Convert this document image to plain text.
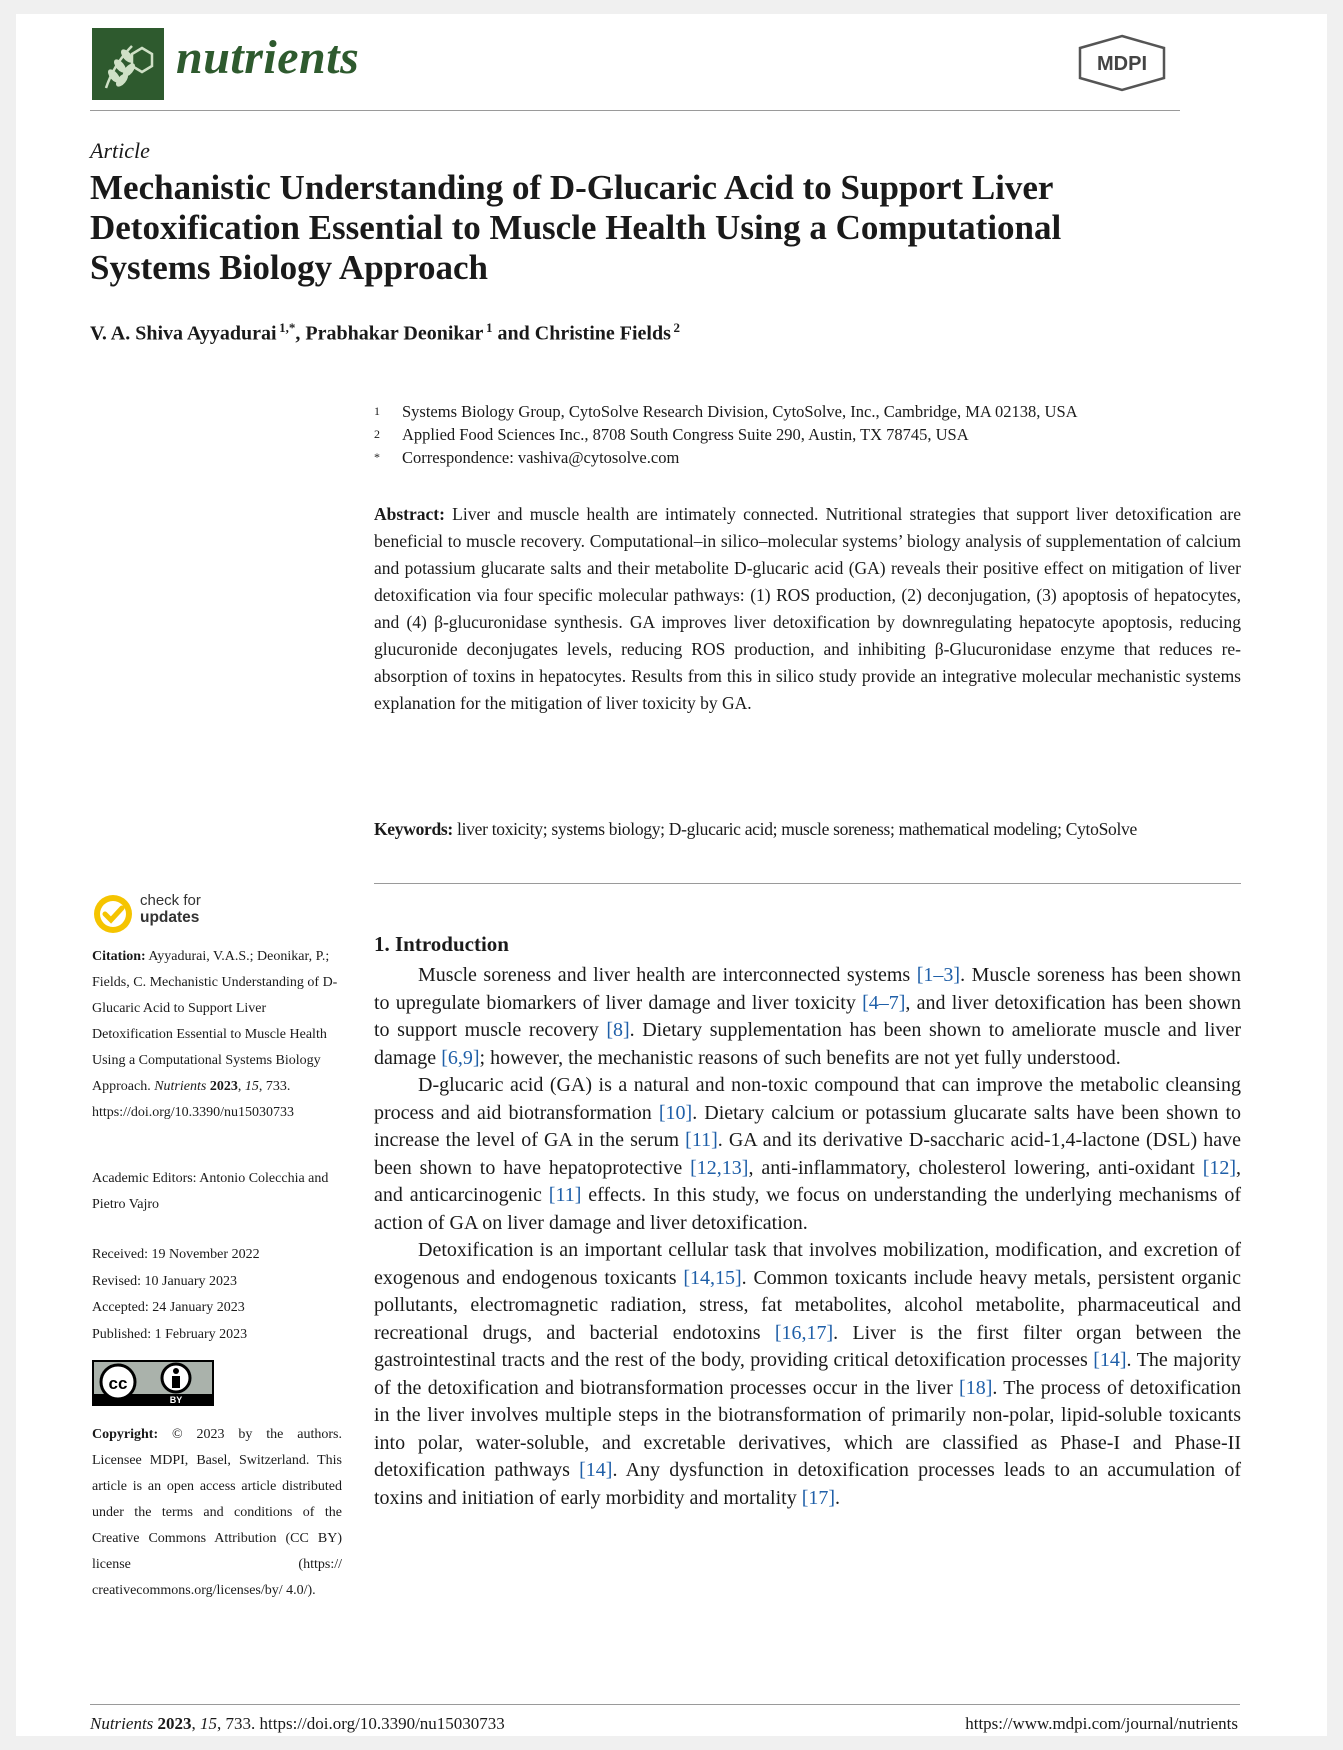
nutrients	MDPI
Article
Mechanistic Understanding of D-Glucaric Acid to Support Liver Detoxification Essential to Muscle Health Using a Computational Systems Biology Approach
V. A. Shiva Ayyadurai $^{1,*}$, Prabhakar Deonikar $^1$ and Christine Fields $^2$
1 Systems Biology Group, CytoSolve Research Division, CytoSolve, Inc., Cambridge, MA 02138, USA
2 Applied Food Sciences Inc., 8708 South Congress Suite 290, Austin, TX 78745, USA
* Correspondence: vashiva@cytosolve.com
Abstract: Liver and muscle health are intimately connected. Nutritional strategies that support liver detoxification are beneficial to muscle recovery. Computational–in silico–molecular systems’ biology analysis of supplementation of calcium and potassium glucarate salts and their metabolite D-glucaric acid (GA) reveals their positive effect on mitigation of liver detoxification via four specific molecular pathways: (1) ROS production, (2) deconjugation, (3) apoptosis of hepatocytes, and (4) β-glucuronidase synthesis. GA improves liver detoxification by downregulating hepatocyte apoptosis, reducing glucuronide deconjugates levels, reducing ROS production, and inhibiting β-Glucuronidase enzyme that reduces re-absorption of toxins in hepatocytes. Results from this in silico study provide an integrative molecular mechanistic systems explanation for the mitigation of liver toxicity by GA.
Keywords: liver toxicity; systems biology; D-glucaric acid; muscle soreness; mathematical modeling; CytoSolve
check for
updates
Citation: Ayyadurai, V.A.S.; Deonikar, P.; Fields, C. Mechanistic Understanding of D-Glucaric Acid to Support Liver Detoxification Essential to Muscle Health Using a Computational Systems Biology Approach. Nutrients 2023, 15, 733. https://doi.org/10.3390/nu15030733
Academic Editors: Antonio Colecchia and Pietro Vajro
Received: 19 November 2022
Revised: 10 January 2023
Accepted: 24 January 2023
Published: 1 February 2023
cc
BY
Copyright: © 2023 by the authors. Licensee MDPI, Basel, Switzerland. This article is an open access article distributed under the terms and conditions of the Creative Commons Attribution (CC BY) license (https:// creativecommons.org/licenses/by/ 4.0/).
1. Introduction

Muscle soreness and liver health are interconnected systems [1–3]. Muscle soreness has been shown to upregulate biomarkers of liver damage and liver toxicity [4–7], and liver detoxification has been shown to support muscle recovery [8]. Dietary supplementation has been shown to ameliorate muscle and liver damage [6,9]; however, the mechanistic reasons of such benefits are not yet fully understood.

D-glucaric acid (GA) is a natural and non-toxic compound that can improve the metabolic cleansing process and aid biotransformation [10]. Dietary calcium or potassium glucarate salts have been shown to increase the level of GA in the serum [11]. GA and its derivative D-saccharic acid-1,4-lactone (DSL) have been shown to have hepatoprotective [12,13], anti-inflammatory, cholesterol lowering, anti-oxidant [12], and anticarcinogenic [11] effects. In this study, we focus on understanding the underlying mechanisms of action of GA on liver damage and liver detoxification.

Detoxification is an important cellular task that involves mobilization, modification, and excretion of exogenous and endogenous toxicants [14,15]. Common toxicants include heavy metals, persistent organic pollutants, electromagnetic radiation, stress, fat metabolites, alcohol metabolite, pharmaceutical and recreational drugs, and bacterial endotoxins [16,17]. Liver is the first filter organ between the gastrointestinal tracts and the rest of the body, providing critical detoxification processes [14]. The majority of the detoxification and biotransformation processes occur in the liver [18]. The process of detoxification in the liver involves multiple steps in the biotransformation of primarily non-polar, lipid-soluble toxicants into polar, water-soluble, and excretable derivatives, which are classified as Phase-I and Phase-II detoxification pathways [14]. Any dysfunction in detoxification processes leads to an accumulation of toxins and initiation of early morbidity and mortality [17].

Nutrients 2023, 15, 733. https://doi.org/10.3390/nu15030733	https://www.mdpi.com/journal/nutrients
